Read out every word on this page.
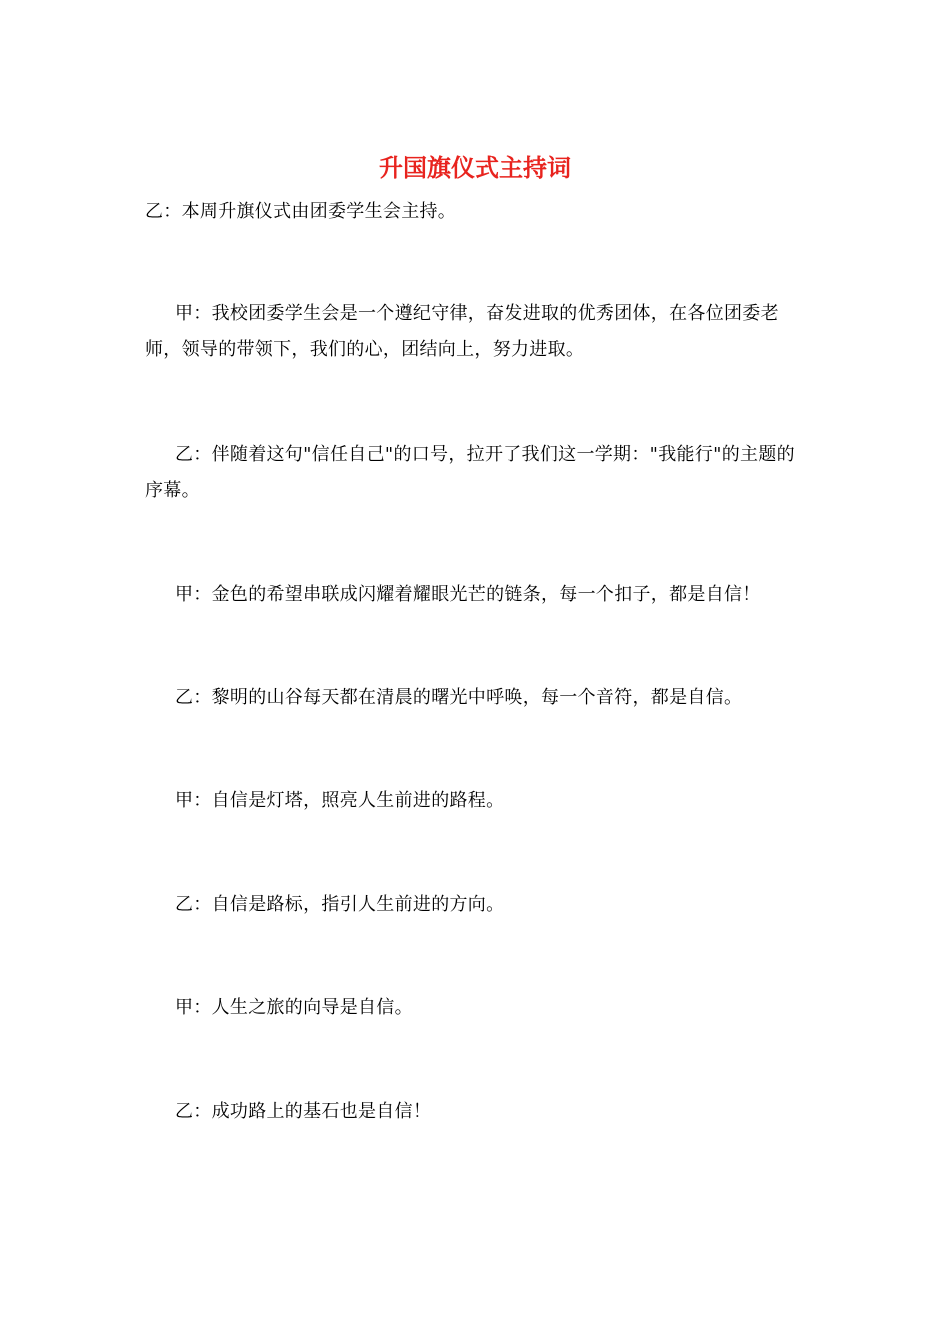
升国旗仪式主持词

乙：本周升旗仪式由团委学生会主持。

甲：我校团委学生会是一个遵纪守律，奋发进取的优秀团体，在各位团委老师，领导的带领下，我们的心，团结向上，努力进取。

乙：伴随着这句"信任自己"的口号，拉开了我们这一学期："我能行"的主题的序幕。

甲：金色的希望串联成闪耀着耀眼光芒的链条，每一个扣子，都是自信！

乙：黎明的山谷每天都在清晨的曙光中呼唤，每一个音符，都是自信。

甲：自信是灯塔，照亮人生前进的路程。

乙：自信是路标，指引人生前进的方向。

甲：人生之旅的向导是自信。

乙：成功路上的基石也是自信！
